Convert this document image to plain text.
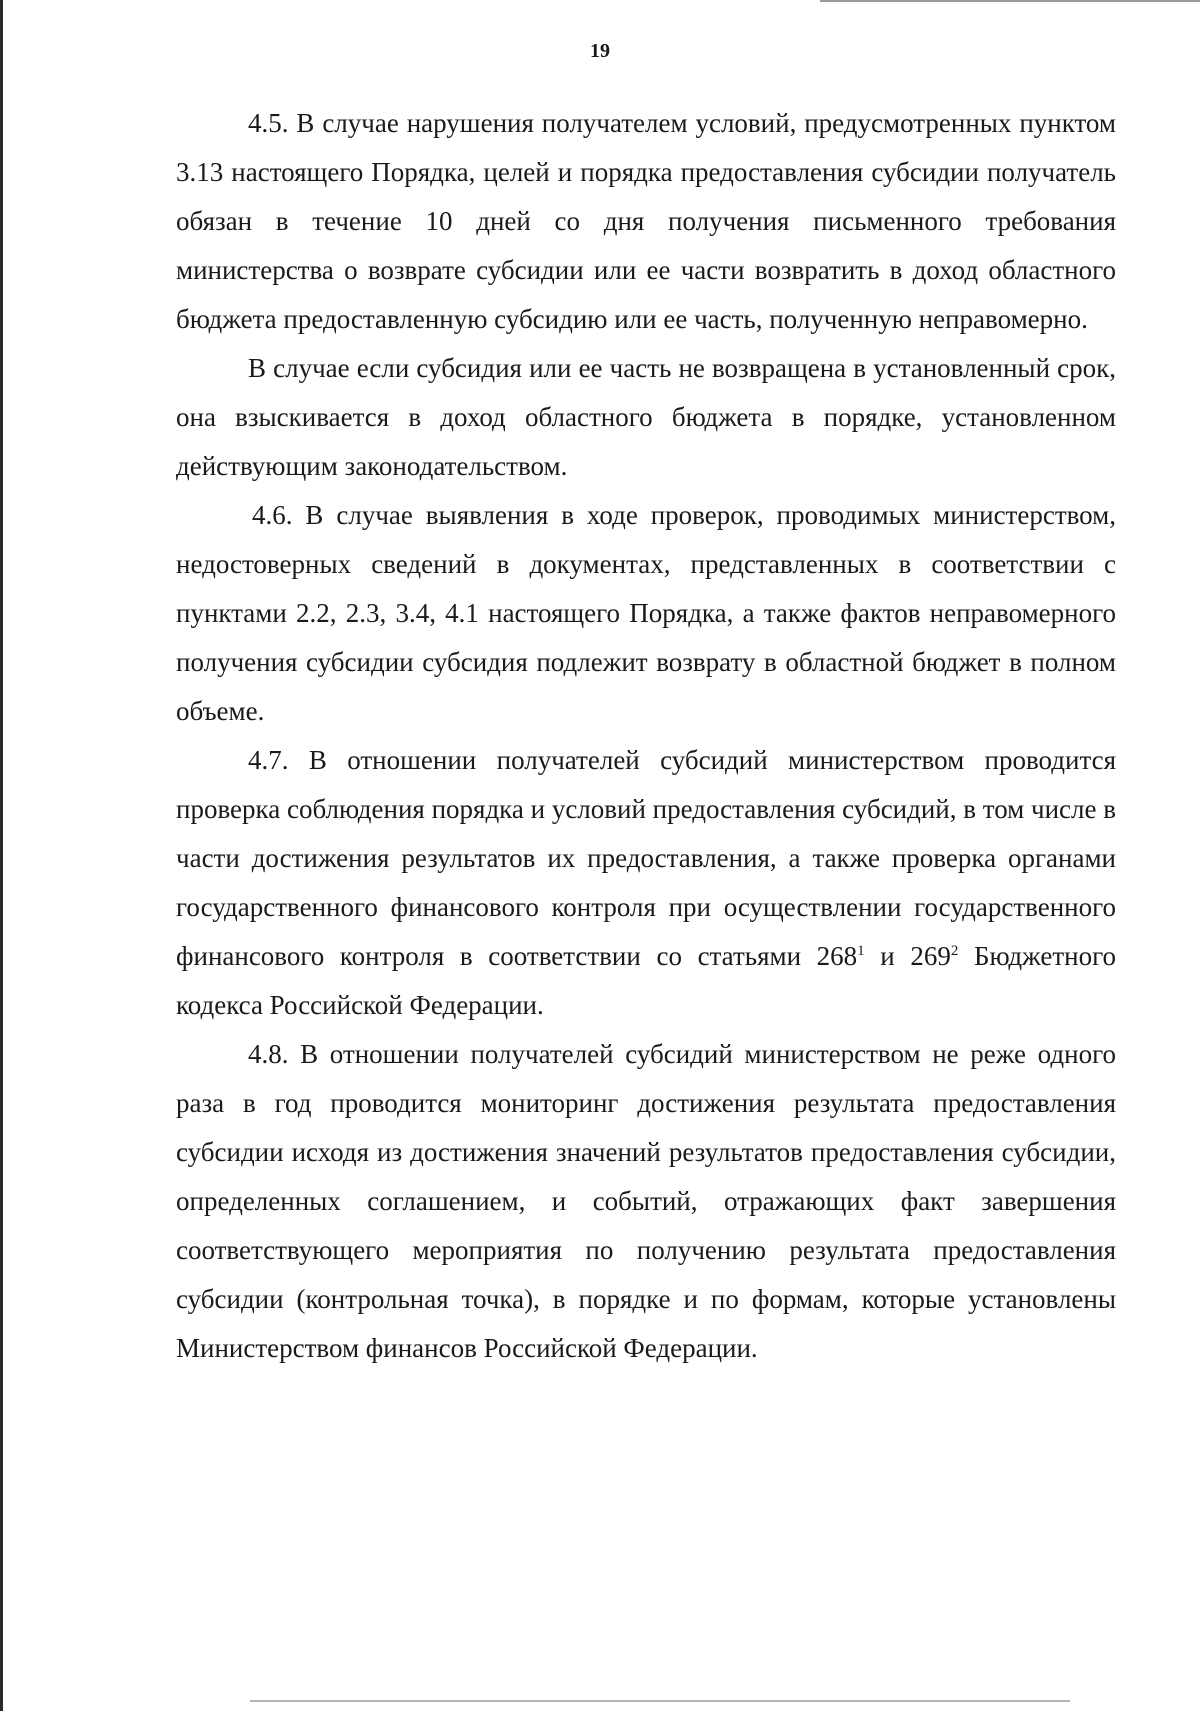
19

4.5. В случае нарушения получателем условий, предусмотренных пунктом 3.13 настоящего Порядка, целей и порядка предоставления субсидии получатель обязан в течение 10 дней со дня получения письменного требования министерства о возврате субсидии или ее части возвратить в доход областного бюджета предоставленную субсидию или ее часть, полученную неправомерно.

В случае если субсидия или ее часть не возвращена в установленный срок, она взыскивается в доход областного бюджета в порядке, установленном действующим законодательством.

4.6. В случае выявления в ходе проверок, проводимых министерством, недостоверных сведений в документах, представленных в соответствии с пунктами 2.2, 2.3, 3.4, 4.1 настоящего Порядка, а также фактов неправомерного получения субсидии субсидия подлежит возврату в областной бюджет в полном объеме.

4.7. В отношении получателей субсидий министерством проводится проверка соблюдения порядка и условий предоставления субсидий, в том числе в части достижения результатов их предоставления, а также проверка органами государственного финансового контроля при осуществлении государственного финансового контроля в соответствии со статьями $268^1$ и $269^2$ Бюджетного кодекса Российской Федерации.

4.8. В отношении получателей субсидий министерством не реже одного раза в год проводится мониторинг достижения результата предоставления субсидии исходя из достижения значений результатов предоставления субсидии, определенных соглашением, и событий, отражающих факт завершения соответствующего мероприятия по получению результата предоставления субсидии (контрольная точка), в порядке и по формам, которые установлены Министерством финансов Российской Федерации.
